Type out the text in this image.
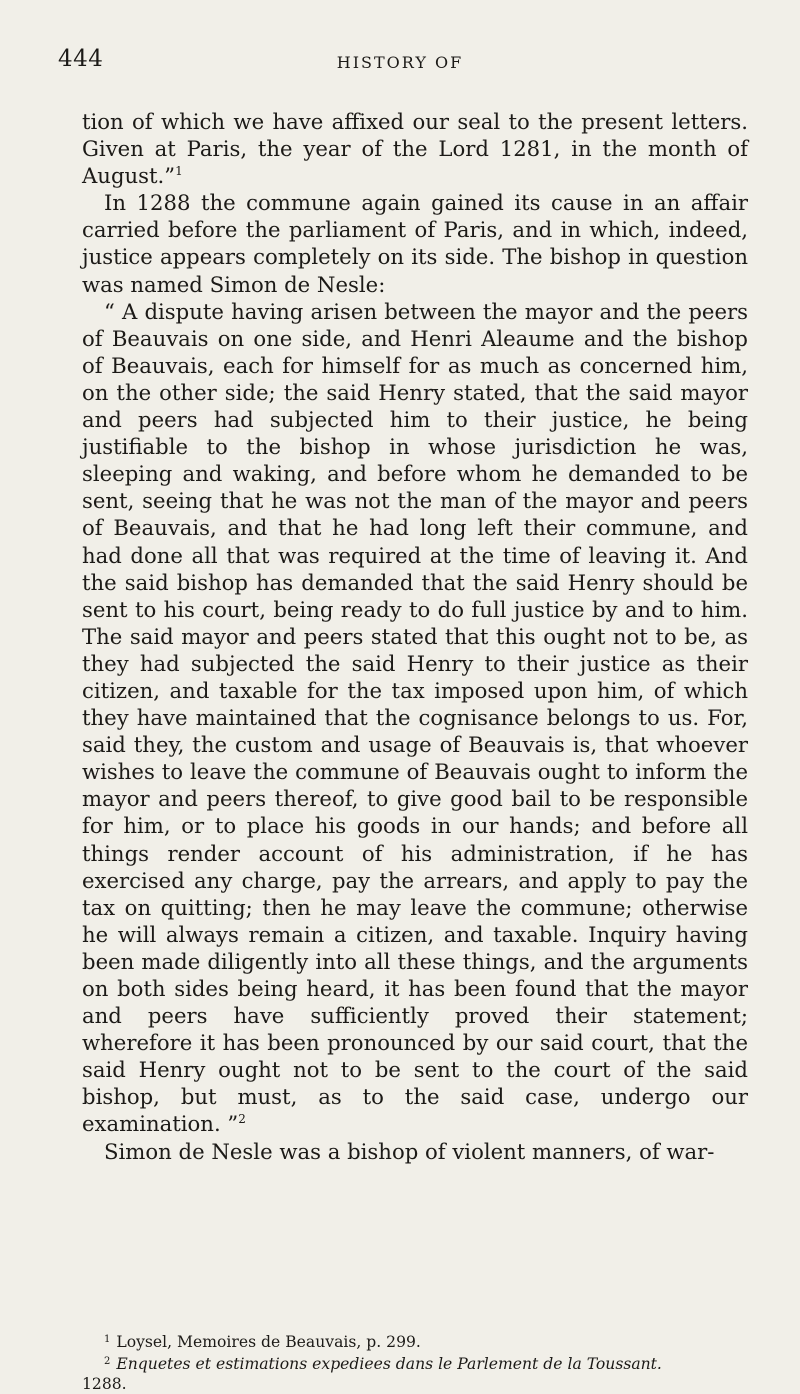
444	HISTORY OF

tion of which we have affixed our seal to the present letters. Given at Paris, the year of the Lord 1281, in the month of August.”$^1$

In 1288 the commune again gained its cause in an affair carried before the parliament of Paris, and in which, indeed, justice appears completely on its side. The bishop in question was named Simon de Nesle:

“ A dispute having arisen between the mayor and the peers of Beauvais on one side, and Henri Aleaume and the bishop of Beauvais, each for himself for as much as concerned him, on the other side; the said Henry stated, that the said mayor and peers had subjected him to their justice, he being justifiable to the bishop in whose jurisdiction he was, sleeping and waking, and before whom he demanded to be sent, seeing that he was not the man of the mayor and peers of Beauvais, and that he had long left their commune, and had done all that was required at the time of leaving it. And the said bishop has demanded that the said Henry should be sent to his court, being ready to do full justice by and to him. The said mayor and peers stated that this ought not to be, as they had subjected the said Henry to their justice as their citizen, and taxable for the tax imposed upon him, of which they have maintained that the cognisance belongs to us. For, said they, the custom and usage of Beauvais is, that whoever wishes to leave the commune of Beauvais ought to inform the mayor and peers thereof, to give good bail to be responsible for him, or to place his goods in our hands; and before all things render account of his administration, if he has exercised any charge, pay the arrears, and apply to pay the tax on quitting; then he may leave the commune; otherwise he will always remain a citizen, and taxable. Inquiry having been made diligently into all these things, and the arguments on both sides being heard, it has been found that the mayor and peers have sufficiently proved their statement; wherefore it has been pronounced by our said court, that the said Henry ought not to be sent to the court of the said bishop, but must, as to the said case, undergo our examination. ”$^2$

Simon de Nesle was a bishop of violent manners, of war-

$^1$ Loysel, Memoires de Beauvais, p. 299.

$^2$ Enquetes et estimations expediees dans le Parlement de la Toussant.

1288.
